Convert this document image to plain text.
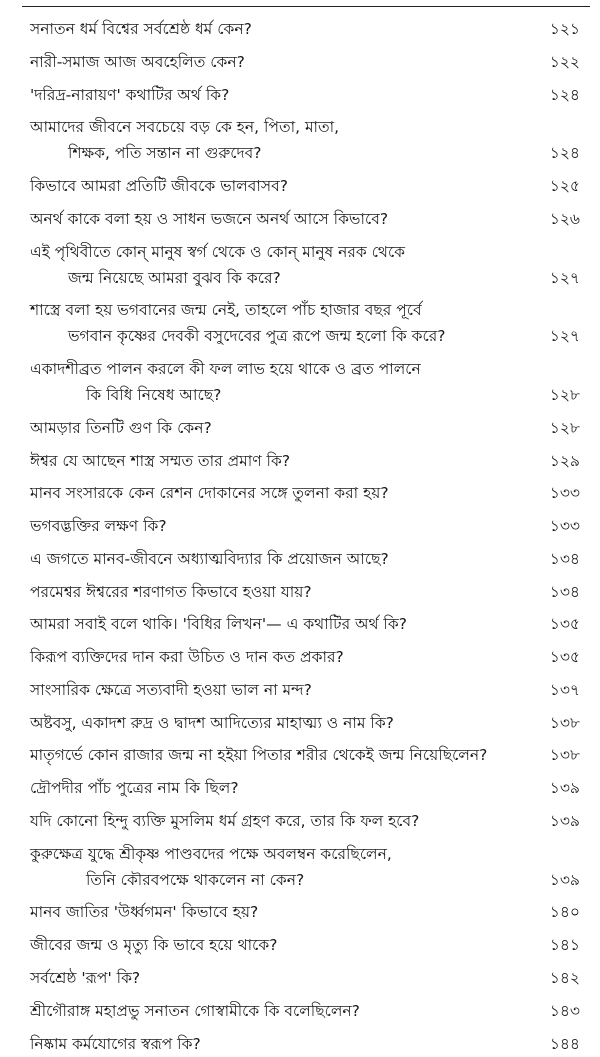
সনাতন ধর্ম বিশ্বের সর্বশ্রেষ্ঠ ধর্ম কেন?	১২১
নারী-সমাজ আজ অবহেলিত কেন?	১২২
'দরিদ্র-নারায়ণ' কথাটির অর্থ কি?	১২৪
আমাদের জীবনে সবচেয়ে বড় কে হন, পিতা, মাতা,
শিক্ষক, পতি সন্তান না গুরুদেব?	১২৪
কিভাবে আমরা প্রতিটি জীবকে ভালবাসব?	১২৫
অনর্থ কাকে বলা হয় ও সাধন ভজনে অনর্থ আসে কিভাবে?	১২৬
এই পৃথিবীতে কোন্ মানুষ স্বর্গ থেকে ও কোন্ মানুষ নরক থেকে
জন্ম নিয়েছে আমরা বুঝব কি করে?	১২৭
শাস্ত্রে বলা হয় ভগবানের জন্ম নেই, তাহলে পাঁচ হাজার বছর পূর্বে
ভগবান কৃষ্ণের দেবকী বসুদেবের পুত্র রূপে জন্ম হলো কি করে?	১২৭
একাদশীব্রত পালন করলে কী ফল লাভ হয়ে থাকে ও ব্রত পালনে
কি বিধি নিষেধ আছে?	১২৮
আমড়ার তিনটি গুণ কি কেন?	১২৮
ঈশ্বর যে আছেন শাস্ত্র সম্মত তার প্রমাণ কি?	১২৯
মানব সংসারকে কেন রেশন দোকানের সঙ্গে তুলনা করা হয়?	১৩৩
ভগবদ্ভক্তির লক্ষণ কি?	১৩৩
এ জগতে মানব-জীবনে অধ্যাত্মবিদ্যার কি প্রয়োজন আছে?	১৩৪
পরমেশ্বর ঈশ্বরের শরণাগত কিভাবে হওয়া যায়?	১৩৪
আমরা সবাই বলে থাকি। 'বিধির লিখন'— এ কথাটির অর্থ কি?	১৩৫
কিরূপ ব্যক্তিদের দান করা উচিত ও দান কত প্রকার?	১৩৫
সাংসারিক ক্ষেত্রে সত্যবাদী হওয়া ভাল না মন্দ?	১৩৭
অষ্টবসু, একাদশ রুদ্র ও দ্বাদশ আদিত্যের মাহাত্ম্য ও নাম কি?	১৩৮
মাতৃগর্ভে কোন রাজার জন্ম না হইয়া পিতার শরীর থেকেই জন্ম নিয়েছিলেন?	১৩৮
দ্রৌপদীর পাঁচ পুত্রের নাম কি ছিল?	১৩৯
যদি কোনো হিন্দু ব্যক্তি মুসলিম ধর্ম গ্রহণ করে, তার কি ফল হবে?	১৩৯
কুরুক্ষেত্র যুদ্ধে শ্রীকৃষ্ণ পাণ্ডবদের পক্ষে অবলম্বন করেছিলেন,
তিনি কৌরবপক্ষে থাকলেন না কেন?	১৩৯
মানব জাতির 'উর্ধ্বগমন' কিভাবে হয়?	১৪০
জীবের জন্ম ও মৃত্যু কি ভাবে হয়ে থাকে?	১৪১
সর্বশ্রেষ্ঠ 'রূপ' কি?	১৪২
শ্রীগৌরাঙ্গ মহাপ্রভু সনাতন গোস্বামীকে কি বলেছিলেন?	১৪৩
নিষ্কাম কর্মযোগের স্বরূপ কি?	১৪৪
